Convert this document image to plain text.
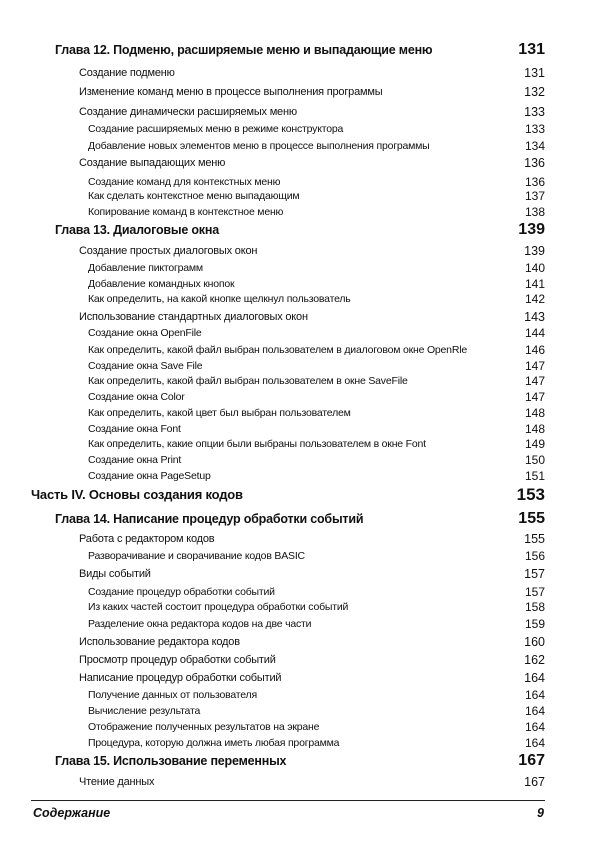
Глава 12. Подменю, расширяемые меню и выпадающие меню	131
Создание подменю	131
Изменение команд меню в процессе выполнения программы	132
Создание динамически расширяемых меню	133
Создание расширяемых меню в режиме конструктора	133
Добавление новых элементов меню в процессе выполнения программы	134
Создание выпадающих меню	136
Создание команд для контекстных меню	136
Как сделать контекстное меню выпадающим	137
Копирование команд в контекстное меню	138
Глава 13. Диалоговые окна	139
Создание простых диалоговых окон	139
Добавление пиктограмм	140
Добавление командных кнопок	141
Как определить, на какой кнопке щелкнул пользователь	142
Использование стандартных диалоговых окон	143
Создание окна OpenFile	144
Как определить, какой файл выбран пользователем в диалоговом окне OpenRle	146
Создание окна Save File	147
Как определить, какой файл выбран пользователем в окне SaveFile	147
Создание окна Color	147
Как определить, какой цвет был выбран пользователем	148
Создание окна Font	148
Как определить, какие опции были выбраны пользователем в окне Font	149
Создание окна Print	150
Создание окна PageSetup	151
Часть IV. Основы создания кодов	153
Глава 14. Написание процедур обработки событий	155
Работа с редактором кодов	155
Разворачивание и сворачивание кодов BASIC	156
Виды событий	157
Создание процедур обработки событий	157
Из каких частей состоит процедура обработки событий	158
Разделение окна редактора кодов на две части	159
Использование редактора кодов	160
Просмотр процедур обработки событий	162
Написание процедур обработки событий	164
Получение данных от пользователя	164
Вычисление результата	164
Отображение полученных результатов на экране	164
Процедура, которую должна иметь любая программа	164
Глава 15. Использование переменных	167
Чтение данных	167
Содержание	9
